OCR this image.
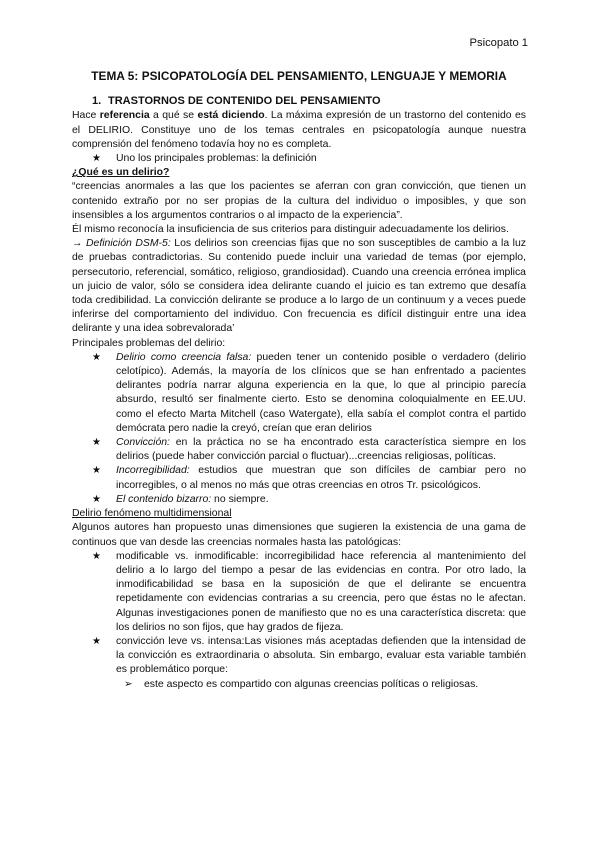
Psicopato 1
TEMA 5: PSICOPATOLOGÍA DEL PENSAMIENTO, LENGUAJE Y MEMORIA
1. TRASTORNOS DE CONTENIDO DEL PENSAMIENTO

Hace referencia a qué se está diciendo. La máxima expresión de un trastorno del contenido es el DELIRIO. Constituye uno de los temas centrales en psicopatología aunque nuestra comprensión del fenómeno todavía hoy no es completa.

★ Uno los principales problemas: la definición

¿Qué es un delirio?

“creencias anormales a las que los pacientes se aferran con gran convicción, que tienen un contenido extraño por no ser propias de la cultura del individuo o imposibles, y que son insensibles a los argumentos contrarios o al impacto de la experiencia”.

Él mismo reconocía la insuficiencia de sus criterios para distinguir adecuadamente los delirios.

→ Definición DSM-5: Los delirios son creencias fijas que no son susceptibles de cambio a la luz de pruebas contradictorias. Su contenido puede incluir una variedad de temas (por ejemplo, persecutorio, referencial, somático, religioso, grandiosidad). Cuando una creencia errónea implica un juicio de valor, sólo se considera idea delirante cuando el juicio es tan extremo que desafía toda credibilidad. La convicción delirante se produce a lo largo de un continuum y a veces puede inferirse del comportamiento del individuo. Con frecuencia es difícil distinguir entre una idea delirante y una idea sobrevalorada’

Principales problemas del delirio:

★ Delirio como creencia falsa: pueden tener un contenido posible o verdadero (delirio celotípico). Además, la mayoría de los clínicos que se han enfrentado a pacientes delirantes podría narrar alguna experiencia en la que, lo que al principio parecía absurdo, resultó ser finalmente cierto. Esto se denomina coloquialmente en EE.UU. como el efecto Marta Mitchell (caso Watergate), ella sabía el complot contra el partido demócrata pero nadie la creyó, creían que eran delirios
★ Convicción: en la práctica no se ha encontrado esta característica siempre en los delirios (puede haber convicción parcial o fluctuar)...creencias religiosas, políticas.
★ Incorregibilidad: estudios que muestran que son difíciles de cambiar pero no incorregibles, o al menos no más que otras creencias en otros Tr. psicológicos.
★ El contenido bizarro: no siempre.

Delirio fenómeno multidimensional

Algunos autores han propuesto unas dimensiones que sugieren la existencia de una gama de continuos que van desde las creencias normales hasta las patológicas:

★ modificable vs. inmodificable: incorregibilidad hace referencia al mantenimiento del delirio a lo largo del tiempo a pesar de las evidencias en contra. Por otro lado, la inmodificabilidad se basa en la suposición de que el delirante se encuentra repetidamente con evidencias contrarias a su creencia, pero que éstas no le afectan. Algunas investigaciones ponen de manifiesto que no es una característica discreta: que los delirios no son fijos, que hay grados de fijeza.
★ convicción leve vs. intensa:Las visiones más aceptadas defienden que la intensidad de la convicción es extraordinaria o absoluta. Sin embargo, evaluar esta variable también es problemático porque:
➢ este aspecto es compartido con algunas creencias políticas o religiosas.
